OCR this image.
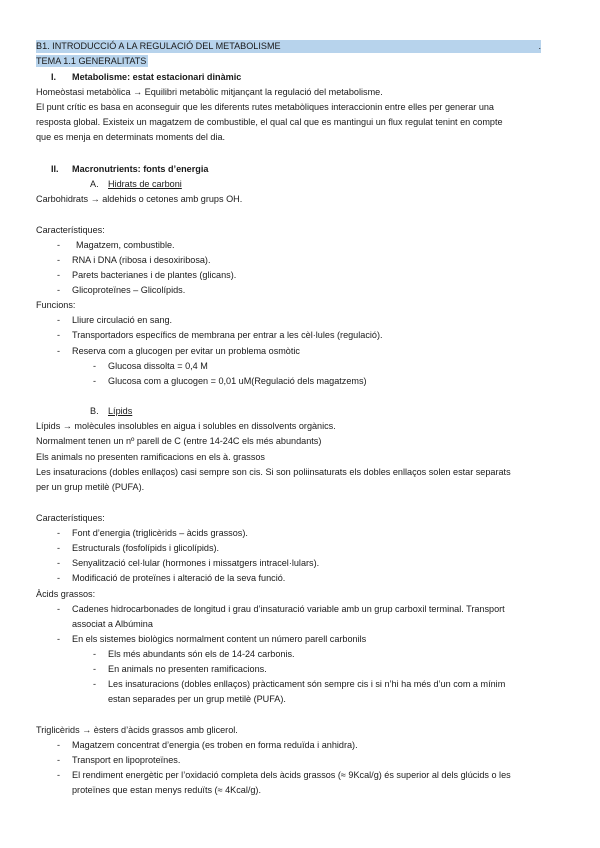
B1. INTRODUCCIÓ A LA REGULACIÓ DEL METABOLISME	.
TEMA 1.1 GENERALITATS
I. Metabolisme: estat estacionari dinàmic
Homeòstasi metabòlica → Equilibri metabòlic mitjançant la regulació del metabolisme.
El punt crític es basa en aconseguir que les diferents rutes metabòliques interaccionin entre elles per generar una
resposta global. Existeix un magatzem de combustible, el qual cal que es mantingui un flux regulat tenint en compte
que es menja en determinats moments del dia.
II. Macronutrients: fonts d’energia
A. Hidrats de carboni
Carbohidrats → aldehids o cetones amb grups OH.
Característiques:
- Magatzem, combustible.
- RNA i DNA (ribosa i desoxiribosa).
- Parets bacterianes i de plantes (glicans).
- Glicoproteïnes – Glicolípids.
Funcions:
- Lliure circulació en sang.
- Transportadors específics de membrana per entrar a les cèl·lules (regulació).
- Reserva com a glucogen per evitar un problema osmòtic
- Glucosa dissolta = 0,4 M
- Glucosa com a glucogen = 0,01 uM(Regulació dels magatzems)
B. Lípids
Lípids → molècules insolubles en aigua i solubles en dissolvents orgànics.
Normalment tenen un nº parell de C (entre 14-24C els més abundants)
Els animals no presenten ramificacions en els à. grassos
Les insaturacions (dobles enllaços) casi sempre son cis. Si son poliinsaturats els dobles enllaços solen estar separats
per un grup metilè (PUFA).
Característiques:
- Font d’energia (triglicèrids – àcids grassos).
- Estructurals (fosfolípids i glicolípids).
- Senyalització cel·lular (hormones i missatgers intracel·lulars).
- Modificació de proteïnes i alteració de la seva funció.
Àcids grassos:
- Cadenes hidrocarbonades de longitud i grau d’insaturació variable amb un grup carboxil terminal. Transport
associat a Albúmina
- En els sistemes biològics normalment content un número parell carbonils
- Els més abundants són els de 14-24 carbonis.
- En animals no presenten ramificacions.
- Les insaturacions (dobles enllaços) pràcticament són sempre cis i si n’hi ha més d’un com a mínim
estan separades per un grup metilè (PUFA).
Triglicèrids → èsters d’àcids grassos amb glicerol.
- Magatzem concentrat d’energia (es troben en forma reduïda i anhidra).
- Transport en lipoproteïnes.
- El rendiment energètic per l’oxidació completa dels àcids grassos (≈ 9Kcal/g) és superior al dels glúcids o les
proteïnes que estan menys reduïts (≈ 4Kcal/g).
